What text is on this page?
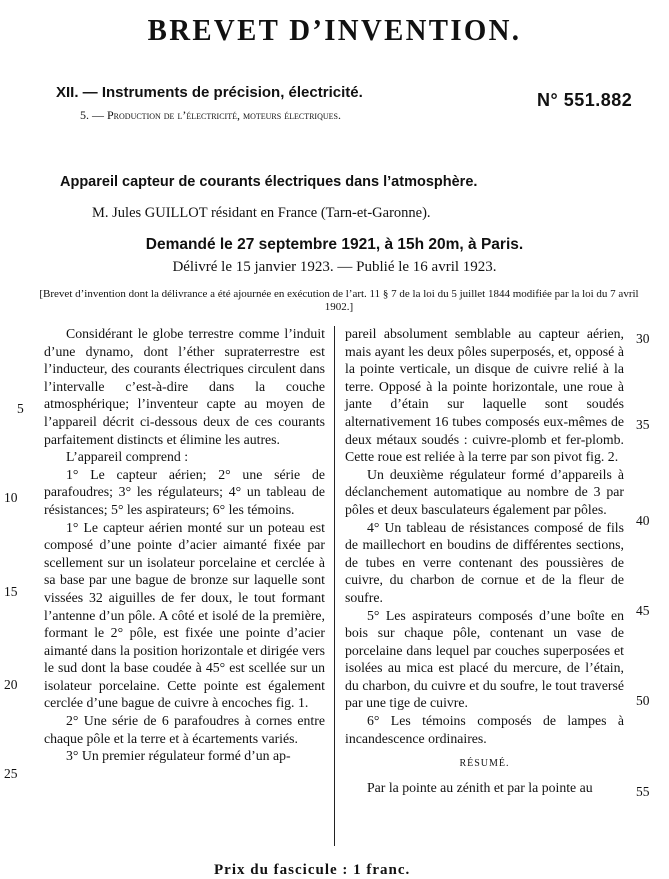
BREVET D’INVENTION.
XII. — Instruments de précision, électricité.
5. — Production de l’électricité, moteurs électriques.
N° 551.882
Appareil capteur de courants électriques dans l’atmosphère.
M. Jules GUILLOT résidant en France (Tarn-et-Garonne).
Demandé le 27 septembre 1921, à 15h 20m, à Paris.
Délivré le 15 janvier 1923. — Publié le 16 avril 1923.
[Brevet d’invention dont la délivrance a été ajournée en exécution de l’art. 11 § 7 de la loi du 5 juillet 1844 modifiée par la loi du 7 avril 1902.]

Considérant le globe terrestre comme l’induit d’une dynamo, dont l’éther supraterrestre est l’inducteur, des courants électriques circulent dans l’intervalle c’est-à-dire dans la couche atmosphérique; l’inventeur capte au moyen de l’appareil décrit ci-dessous deux de ces courants parfaitement distincts et élimine les autres.

L’appareil comprend :

1° Le capteur aérien; 2° une série de parafoudres; 3° les régulateurs; 4° un tableau de résistances; 5° les aspirateurs; 6° les témoins.

1° Le capteur aérien monté sur un poteau est composé d’une pointe d’acier aimanté fixée par scellement sur un isolateur porcelaine et cerclée à sa base par une bague de bronze sur laquelle sont vissées 32 aiguilles de fer doux, le tout formant l’antenne d’un pôle. A côté et isolé de la première, formant le 2° pôle, est fixée une pointe d’acier aimanté dans la position horizontale et dirigée vers le sud dont la base coudée à 45° est scellée sur un isolateur porcelaine. Cette pointe est également cerclée d’une bague de cuivre à encoches fig. 1.

2° Une série de 6 parafoudres à cornes entre chaque pôle et la terre et à écartements variés.

3° Un premier régulateur formé d’un ap-

pareil absolument semblable au capteur aérien, mais ayant les deux pôles superposés, et, opposé à la pointe verticale, un disque de cuivre relié à la terre. Opposé à la pointe horizontale, une roue à jante d’étain sur laquelle sont soudés alternativement 16 tubes composés eux-mêmes de deux métaux soudés : cuivre-plomb et fer-plomb. Cette roue est reliée à la terre par son pivot fig. 2.

Un deuxième régulateur formé d’appareils à déclanchement automatique au nombre de 3 par pôles et deux basculateurs également par pôles.

4° Un tableau de résistances composé de fils de maillechort en boudins de différentes sections, de tubes en verre contenant des poussières de cuivre, du charbon de cornue et de la fleur de soufre.

5° Les aspirateurs composés d’une boîte en bois sur chaque pôle, contenant un vase de porcelaine dans lequel par couches superposées et isolées au mica est placé du mercure, de l’étain, du charbon, du cuivre et du soufre, le tout traversé par une tige de cuivre.

6° Les témoins composés de lampes à incandescence ordinaires.

RÉSUMÉ.

Par la pointe au zénith et par la pointe au

5
10
15
20
25
30
35
40
45
50
55
Prix du fascicule : 1 franc.
